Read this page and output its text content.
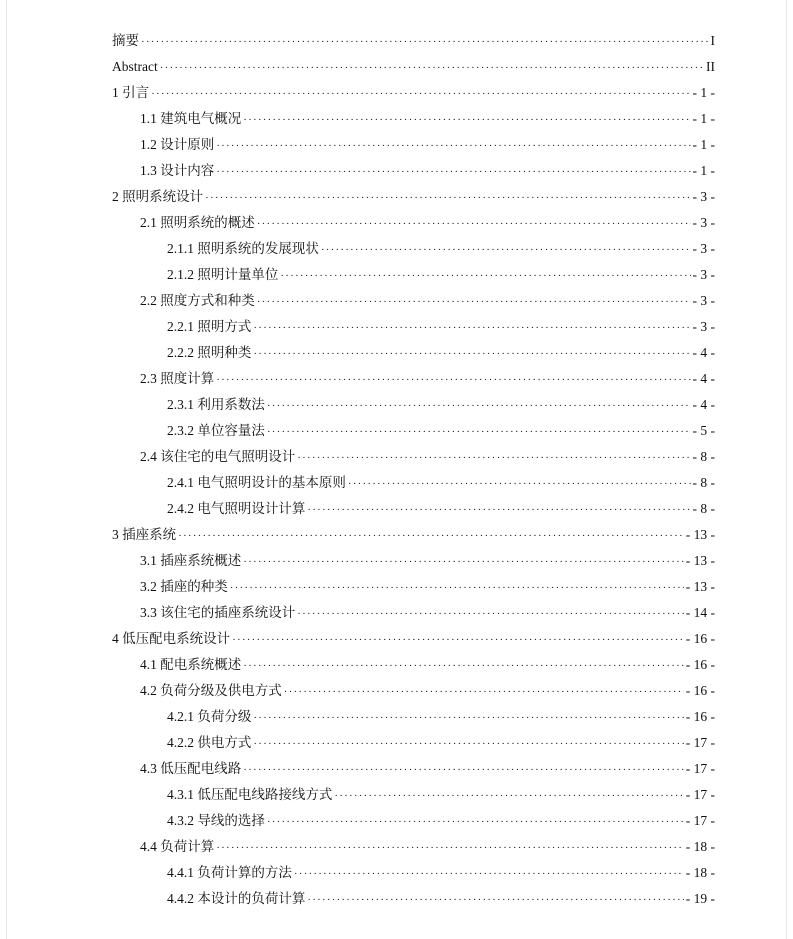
摘要 ·····	I
Abstract ·····	II
1 引言 ·····	- 1 -
1.1 建筑电气概况 ·····	- 1 -
1.2 设计原则 ·····	- 1 -
1.3 设计内容 ·····	- 1 -
2 照明系统设计 ·····	- 3 -
2.1 照明系统的概述 ·····	- 3 -
2.1.1 照明系统的发展现状 ·····	- 3 -
2.1.2 照明计量单位 ·····	- 3 -
2.2 照度方式和种类 ·····	- 3 -
2.2.1 照明方式 ·····	- 3 -
2.2.2 照明种类 ·····	- 4 -
2.3 照度计算 ·····	- 4 -
2.3.1 利用系数法 ·····	- 4 -
2.3.2 单位容量法 ·····	- 5 -
2.4 该住宅的电气照明设计 ·····	- 8 -
2.4.1 电气照明设计的基本原则 ·····	- 8 -
2.4.2 电气照明设计计算 ·····	- 8 -
3 插座系统 ·····	- 13 -
3.1 插座系统概述 ·····	- 13 -
3.2 插座的种类 ·····	- 13 -
3.3 该住宅的插座系统设计 ·····	- 14 -
4 低压配电系统设计 ·····	- 16 -
4.1 配电系统概述 ·····	- 16 -
4.2 负荷分级及供电方式 ·····	- 16 -
4.2.1 负荷分级 ·····	- 16 -
4.2.2 供电方式 ·····	- 17 -
4.3 低压配电线路 ·····	- 17 -
4.3.1 低压配电线路接线方式 ·····	- 17 -
4.3.2 导线的选择 ·····	- 17 -
4.4 负荷计算 ·····	- 18 -
4.4.1 负荷计算的方法 ·····	- 18 -
4.4.2 本设计的负荷计算 ·····	- 19 -
